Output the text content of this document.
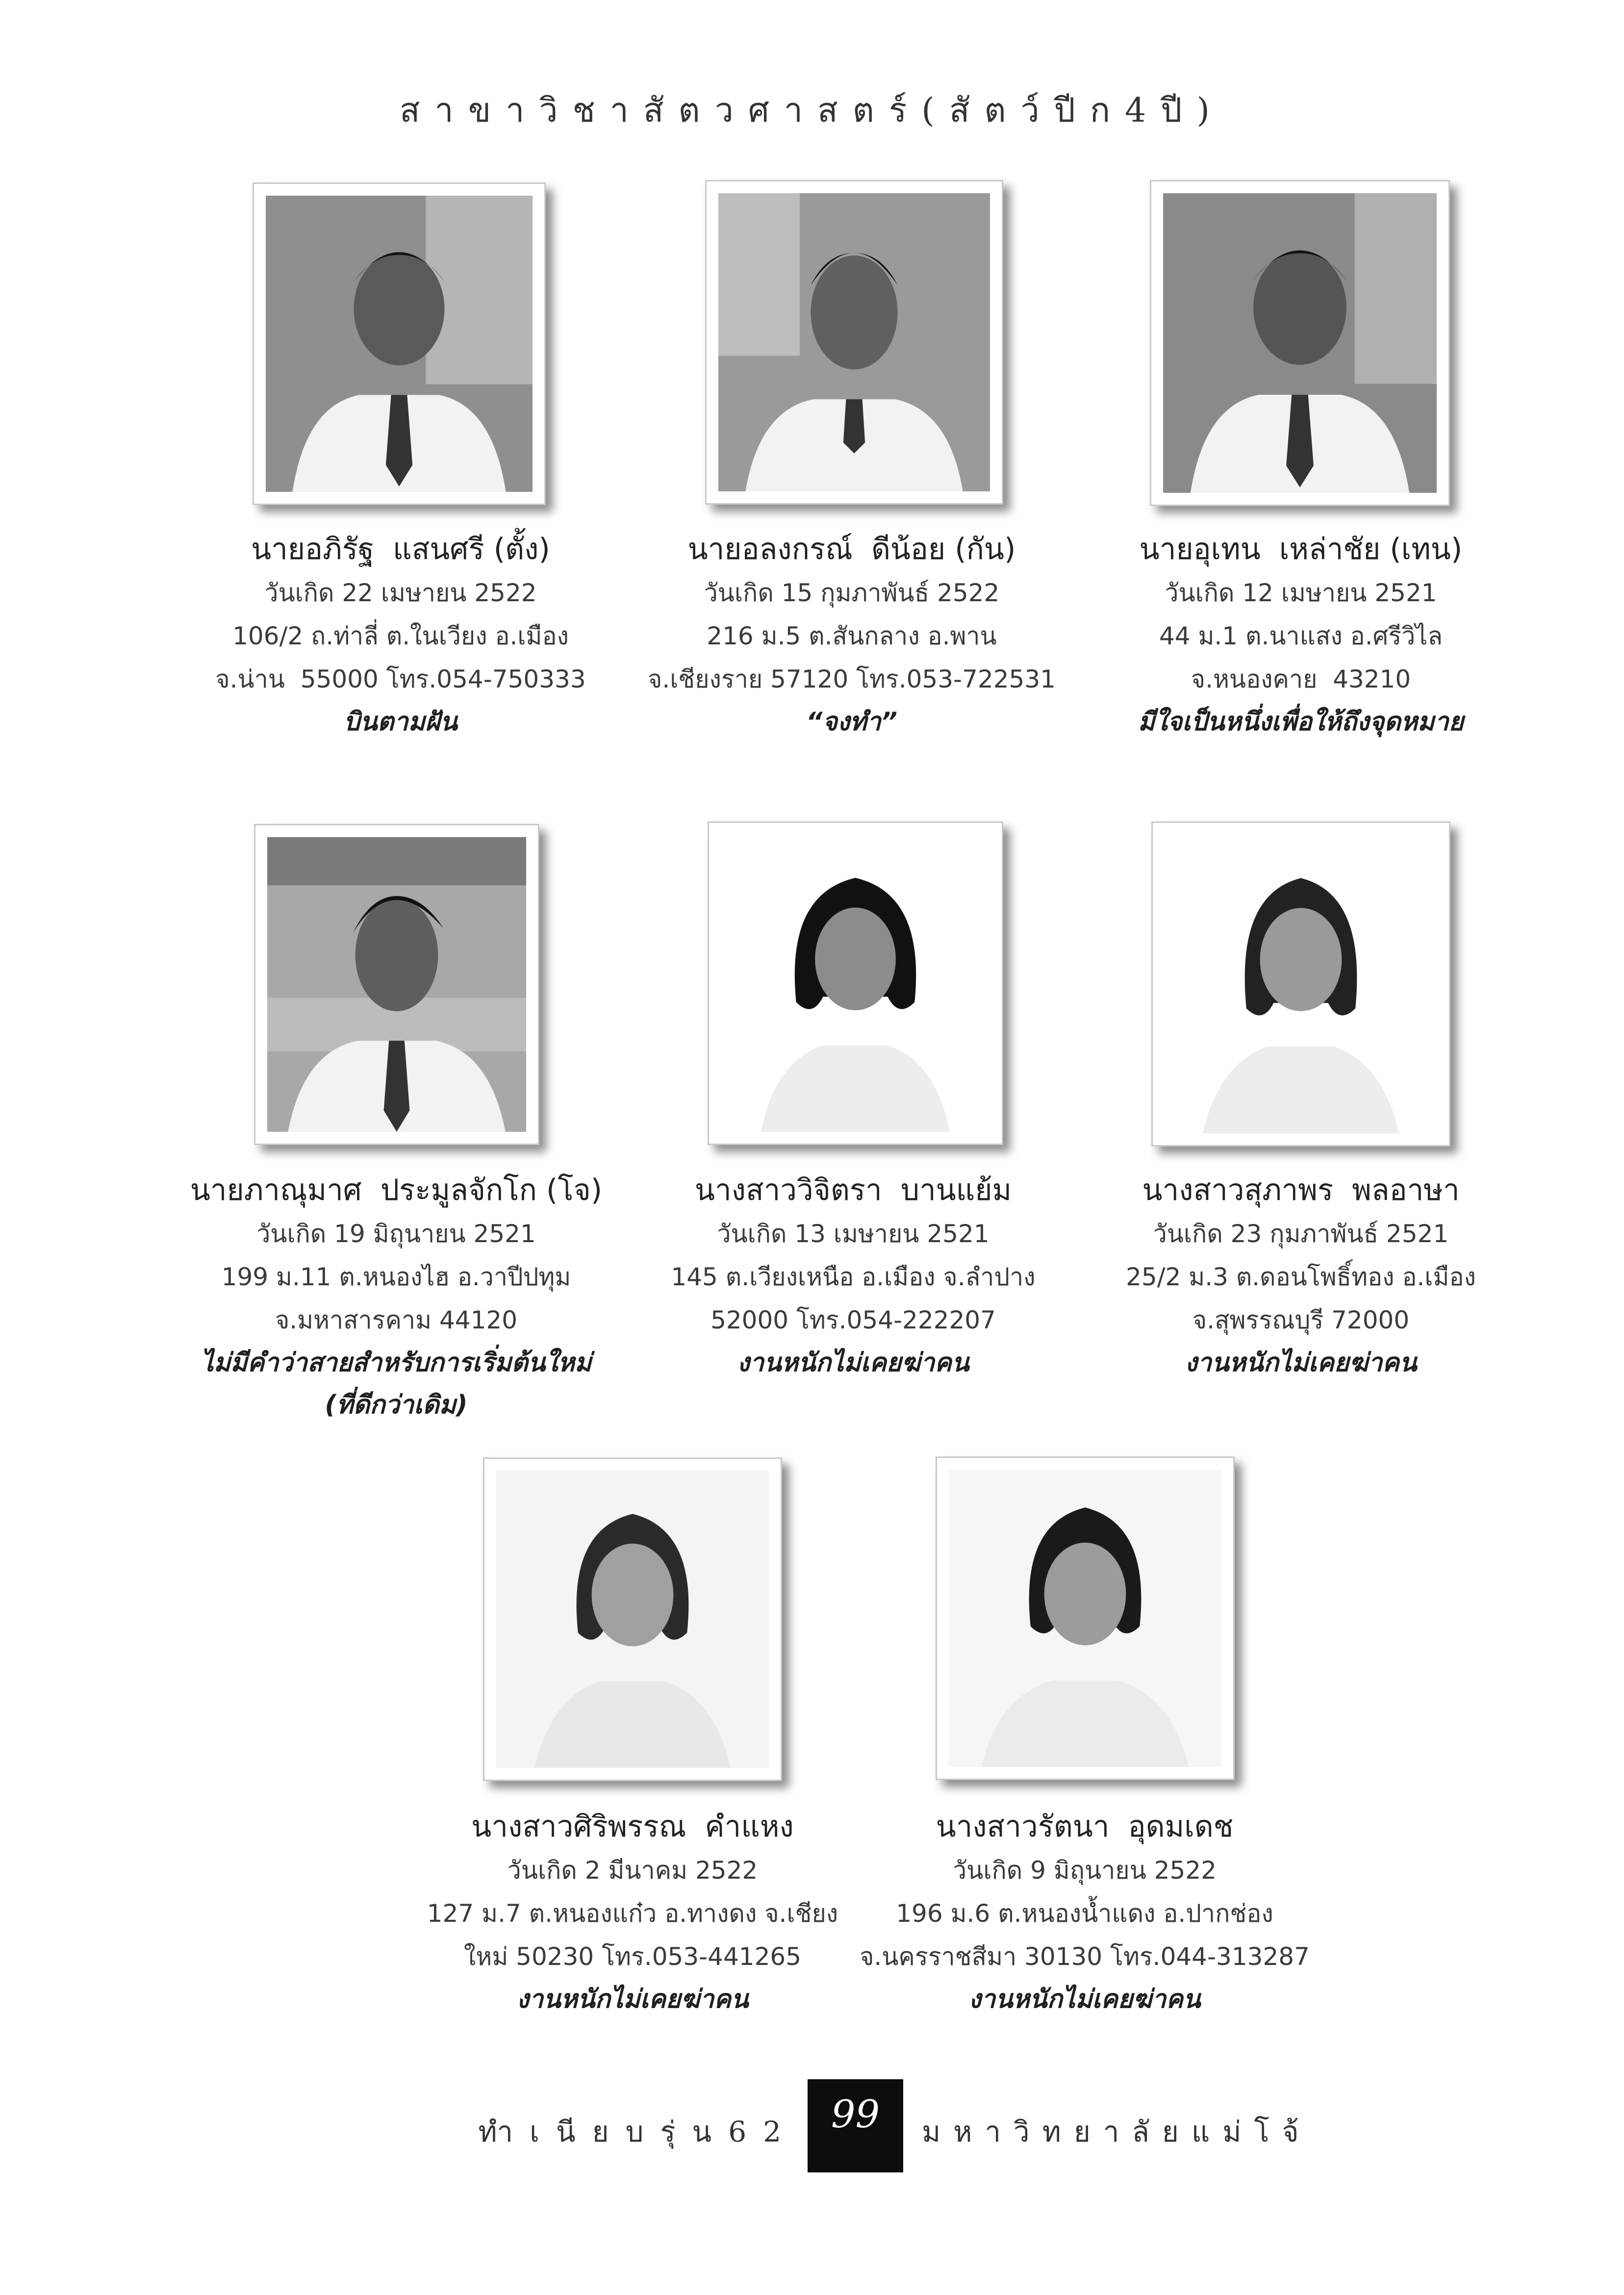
สาขาวิชาสัตวศาสตร์(สัตว์ปีก4ปี)
นายอภิรัฐ  แสนศรี (ตั้ง)
วันเกิด 22 เมษายน 2522
106/2 ถ.ท่าลี่ ต.ในเวียง อ.เมือง
จ.น่าน  55000 โทร.054-750333
บินตามฝัน
นายอลงกรณ์  ดีน้อย (กัน)
วันเกิด 15 กุมภาพันธ์ 2522
216 ม.5 ต.สันกลาง อ.พาน
จ.เชียงราย 57120 โทร.053-722531
“จงทำ”
นายอุเทน  เหล่าชัย (เทน)
วันเกิด 12 เมษายน 2521
44 ม.1 ต.นาแสง อ.ศรีวิไล
จ.หนองคาย  43210
มีใจเป็นหนึ่งเพื่อให้ถึงจุดหมาย
นายภาณุมาศ  ประมูลจักโก (โจ)
วันเกิด 19 มิถุนายน 2521
199 ม.11 ต.หนองไฮ อ.วาปีปทุม
จ.มหาสารคาม 44120
ไม่มีคำว่าสายสำหรับการเริ่มต้นใหม่
(ที่ดีกว่าเดิม)
นางสาววิจิตรา  บานแย้ม
วันเกิด 13 เมษายน 2521
145 ต.เวียงเหนือ อ.เมือง จ.ลำปาง
52000 โทร.054-222207
งานหนักไม่เคยฆ่าคน
นางสาวสุภาพร  พลอาษา
วันเกิด 23 กุมภาพันธ์ 2521
25/2 ม.3 ต.ดอนโพธิ์ทอง อ.เมือง
จ.สุพรรณบุรี 72000
งานหนักไม่เคยฆ่าคน
นางสาวศิริพรรณ  คำแหง
วันเกิด 2 มีนาคม 2522
127 ม.7 ต.หนองแก๋ว อ.ทางดง จ.เชียง
ใหม่ 50230 โทร.053-441265
งานหนักไม่เคยฆ่าคน
นางสาวรัตนา  อุดมเดช
วันเกิด 9 มิถุนายน 2522
196 ม.6 ต.หนองน้ำแดง อ.ปากช่อง
จ.นครราชสีมา 30130 โทร.044-313287
งานหนักไม่เคยฆ่าคน
ทำเนียบรุ่น62 99	มหาวิทยาลัยแม่โจ้
